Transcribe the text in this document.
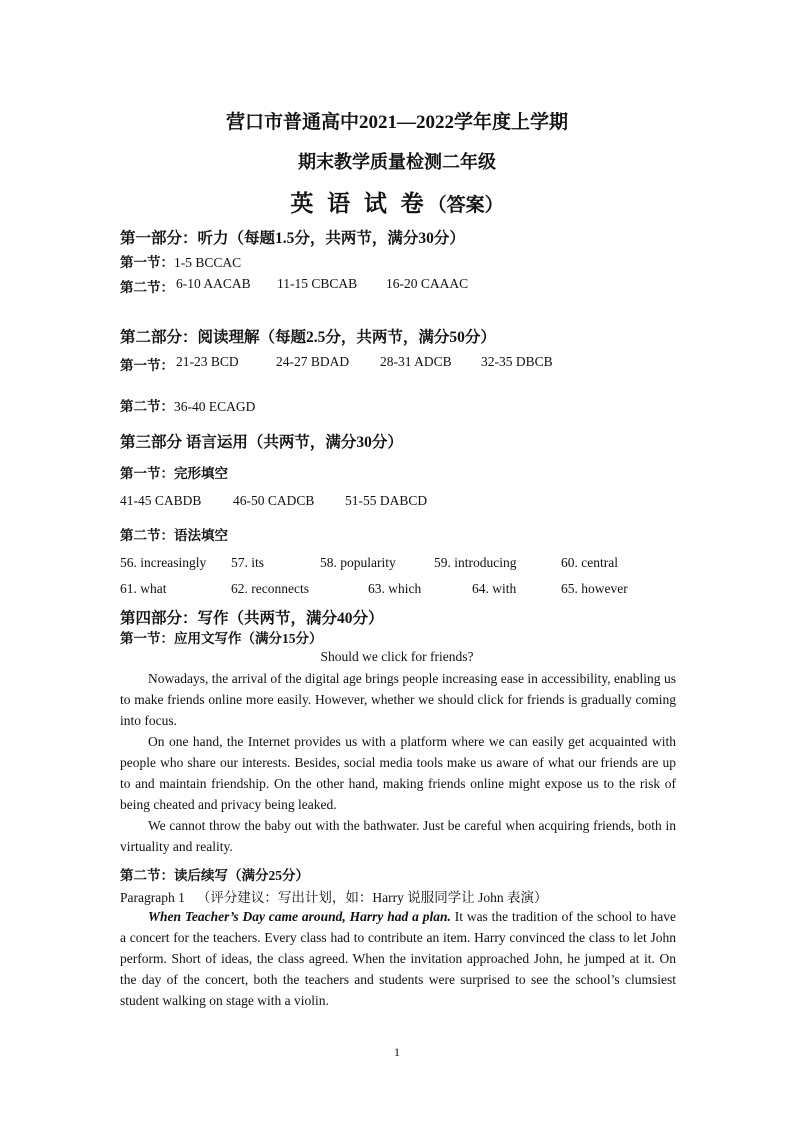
营口市普通高中2021—2022学年度上学期
期末教学质量检测二年级
英 语 试 卷（答案）
第一部分：听力（每题1.5分，共两节，满分30分）
第一节：1-5 BCCAC
第二节： 6-10 AACAB 11-15 CBCAB 16-20 CAAAC
第二部分：阅读理解（每题2.5分，共两节，满分50分）
第一节： 21-23 BCD	24-27 BDAD 28-31 ADCB 32-35 DBCB
第二节：36-40 ECAGD
第三部分 语言运用（共两节，满分30分）
第一节：完形填空
41-45 CABDB 46-50 CADCB 51-55 DABCD
第二节：语法填空
56. increasingly 57. its	58. popularity	59. introducing	60. central
61. what	62. reconnects	63. which	64. with	65. however
第四部分：写作（共两节，满分40分）
第一节：应用文写作（满分15分）
Should we click for friends?

Nowadays, the arrival of the digital age brings people increasing ease in accessibility, enabling us to make friends online more easily. However, whether we should click for friends is gradually coming into focus.

On one hand, the Internet provides us with a platform where we can easily get acquainted with people who share our interests. Besides, social media tools make us aware of what our friends are up to and maintain friendship. On the other hand, making friends online might expose us to the risk of being cheated and privacy being leaked.

We cannot throw the baby out with the bathwater. Just be careful when acquiring friends, both in virtuality and reality.

第二节：读后续写（满分25分）
Paragraph 1 （评分建议：写出计划，如：Harry 说服同学让 John 表演）

When Teacher’s Day came around, Harry had a plan. It was the tradition of the school to have a concert for the teachers. Every class had to contribute an item. Harry convinced the class to let John perform. Short of ideas, the class agreed. When the invitation approached John, he jumped at it. On the day of the concert, both the teachers and students were surprised to see the school’s clumsiest student walking on stage with a violin.

1
